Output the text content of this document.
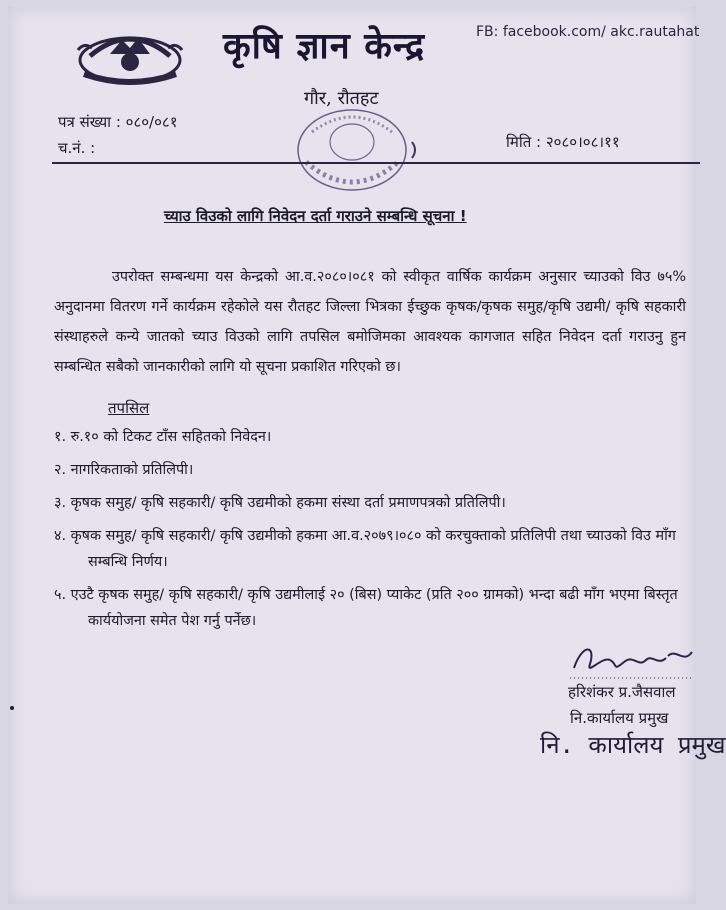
कृषि ज्ञान केन्द्र	FB: facebook.com/ akc.rautahat
गौर, रौतहट
पत्र संख्या : ०८०/०८१
च.नं. :	मिति : २०८०।०८।११
च्याउ विउको लागि निवेदन दर्ता गराउने सम्बन्धि सूचना !
उपरोक्त सम्बन्धमा यस केन्द्रको आ.व.२०८०।०८१ को स्वीकृत वार्षिक कार्यक्रम अनुसार च्याउको विउ ७५% अनुदानमा वितरण गर्ने कार्यक्रम रहेकोले यस रौतहट जिल्ला भित्रका ईच्छुक कृषक/कृषक समुह/कृषि उद्यमी/ कृषि सहकारी संस्थाहरुले कन्ये जातको च्याउ विउको लागि तपसिल बमोजिमका आवश्यक कागजात सहित निवेदन दर्ता गराउनु हुन सम्बन्धित सबैको जानकारीको लागि यो सूचना प्रकाशित गरिएको छ।
तपसिल
१. रु.१० को टिकट टाँस सहितको निवेदन।
२. नागरिकताको प्रतिलिपी।
३. कृषक समुह/ कृषि सहकारी/ कृषि उद्यमीको हकमा संस्था दर्ता प्रमाणपत्रको प्रतिलिपी।
४. कृषक समुह/ कृषि सहकारी/ कृषि उद्यमीको हकमा आ.व.२०७९।०८० को करचुक्ताको प्रतिलिपी तथा च्याउको विउ माँग सम्बन्धि निर्णय।
५. एउटै कृषक समुह/ कृषि सहकारी/ कृषि उद्यमीलाई २० (बिस) प्याकेट (प्रति २०० ग्रामको) भन्दा बढी माँग भएमा बिस्तृत कार्ययोजना समेत पेश गर्नु पर्नेछ।
हरिशंकर प्र.जैसवाल
नि.कार्यालय प्रमुख
नि. कार्यालय प्रमुख
